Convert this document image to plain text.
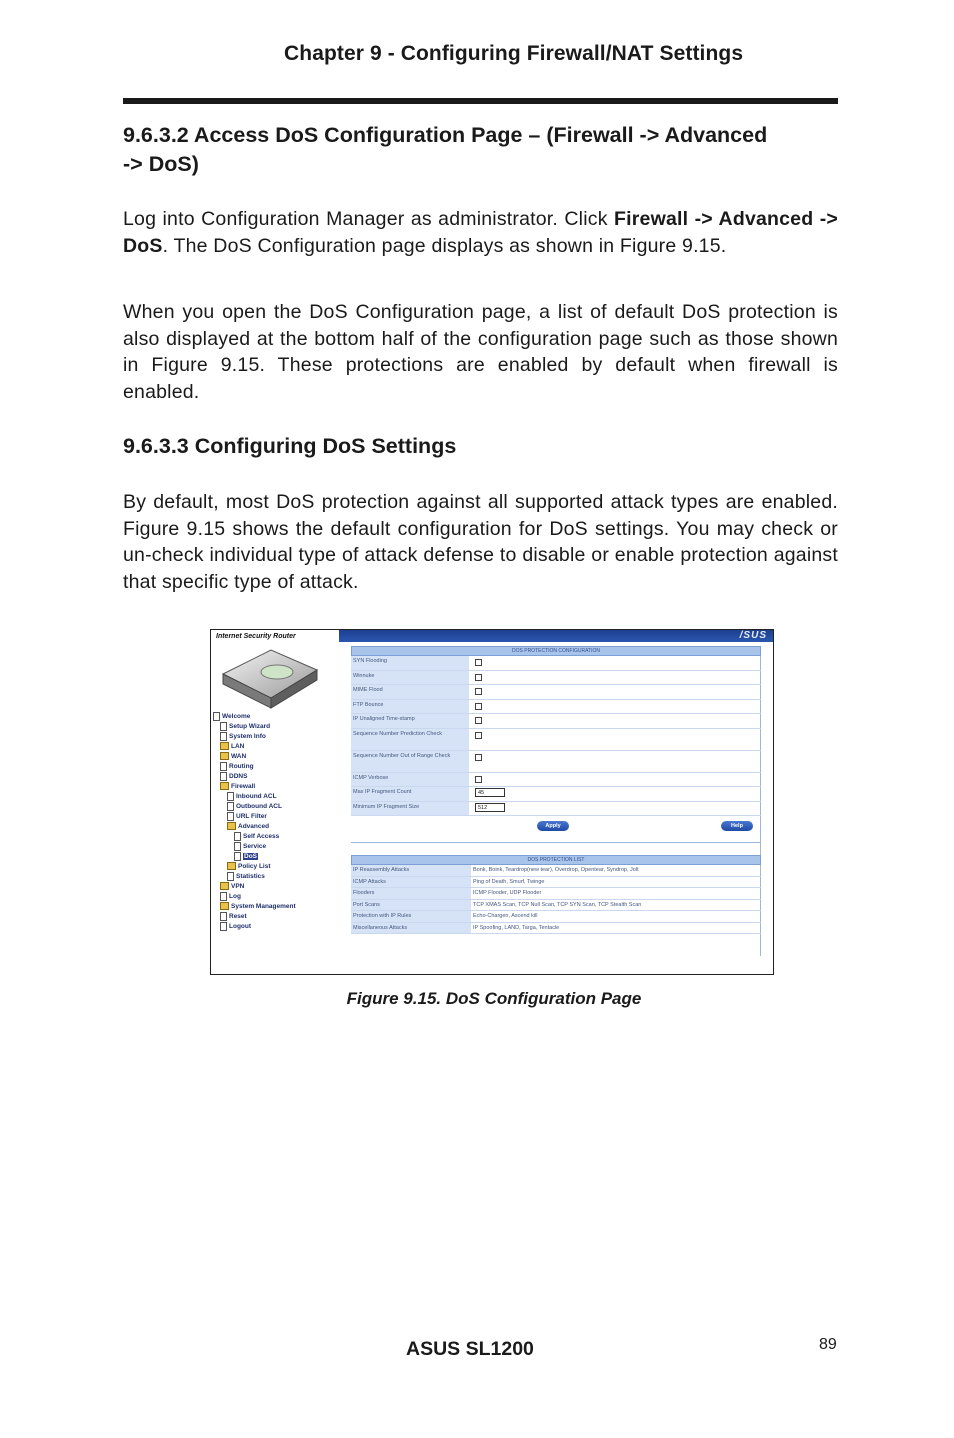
Chapter 9 - Configuring Firewall/NAT Settings
9.6.3.2 Access DoS Configuration Page – (Firewall -> Advanced
-> DoS)

Log into Configuration Manager as administrator. Click Firewall -> Advanced -> DoS. The DoS Configuration page displays as shown in Figure 9.15.

When you open the DoS Configuration page, a list of default DoS protection is also displayed at the bottom half of the configuration page such as those shown in Figure 9.15. These protections are enabled by default when firewall is enabled.

9.6.3.3 Configuring DoS Settings

By default, most DoS protection against all supported attack types are enabled. Figure 9.15 shows the default configuration for DoS settings. You may check or un-check individual type of attack defense to disable or enable protection against that specific type of attack.

/SUS
Internet Security Router
Welcome
Setup Wizard
System Info
LAN
WAN
Routing
DDNS
Firewall
Inbound ACL
Outbound ACL
URL Filter
Advanced
Self Access
Service
DoS
Policy List
Statistics
VPN
Log
System Management
Reset
Logout
DOS PROTECTION CONFIGURATION
SYN Flooding
Winnuke
MIME Flood
FTP Bounce
IP Unaligned Time-stamp
Sequence Number Prediction Check
Sequence Number Out of Range Check
ICMP Verbose
Max IP Fragment Count	45
Minimum IP Fragment Size	512
Apply	Help
DOS PROTECTION LIST
IP Reassembly Attacks	Bonk, Boink, Teardrop(new tear), Overdrop, Opentear, Syndrop, Jolt
ICMP Attacks	Ping of Death, Smurf, Twinge
Flooders	ICMP Flooder, UDP Flooder
Port Scans	TCP XMAS Scan, TCP Null Scan, TCP SYN Scan, TCP Stealth Scan
Protection with IP Rules	Echo-Chargen, Ascend kill
Miscellaneous Attacks	IP Spoofing, LAND, Targa, Tentacle
Figure 9.15. DoS Configuration Page
ASUS SL1200	89
